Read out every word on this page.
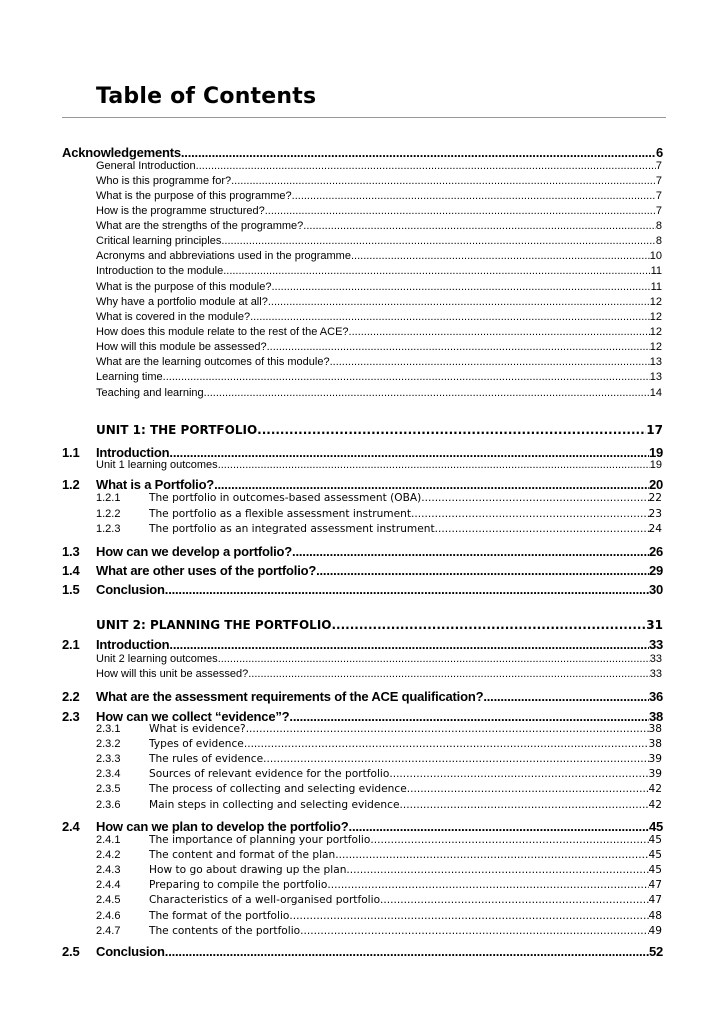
Table of Contents
Acknowledgements .....	6
General Introduction .....	7
Who is this programme for? .....	7
What is the purpose of this programme? .....	7
How is the programme structured? .....	7
What are the strengths of the programme? .....	8
Critical learning principles .....	8
Acronyms and abbreviations used in the programme .....	10
Introduction to the module .....	11
What is the purpose of this module? .....	11
Why have a portfolio module at all? .....	12
What is covered in the module? .....	12
How does this module relate to the rest of the ACE? .....	12
How will this module be assessed? .....	12
What are the learning outcomes of this module? .....	13
Learning time .....	13
Teaching and learning .....	14
UNIT 1: THE PORTFOLIO .....	17
1.1	Introduction .....	19
Unit 1 learning outcomes .....	19
1.2	What is a Portfolio? .....	20
1.2.1	The portfolio in outcomes-based assessment (OBA) .....	22
1.2.2	The portfolio as a flexible assessment instrument .....	23
1.2.3	The portfolio as an integrated assessment instrument .....	24
1.3	How can we develop a portfolio? .....	26
1.4	What are other uses of the portfolio? .....	29
1.5	Conclusion .....	30
UNIT 2: PLANNING THE PORTFOLIO .....	31
2.1	Introduction .....	33
Unit 2 learning outcomes .....	33
How will this unit be assessed? .....	33
2.2	What are the assessment requirements of the ACE qualification? .....	36
2.3	How can we collect “evidence”? .....	38
2.3.1	What is evidence? .....	38
2.3.2	Types of evidence .....	38
2.3.3	The rules of evidence .....	39
2.3.4	Sources of relevant evidence for the portfolio .....	39
2.3.5	The process of collecting and selecting evidence .....	42
2.3.6	Main steps in collecting and selecting evidence .....	42
2.4	How can we plan to develop the portfolio? .....	45
2.4.1	The importance of planning your portfolio .....	45
2.4.2	The content and format of the plan .....	45
2.4.3	How to go about drawing up the plan .....	45
2.4.4	Preparing to compile the portfolio .....	47
2.4.5	Characteristics of a well-organised portfolio .....	47
2.4.6	The format of the portfolio .....	48
2.4.7	The contents of the portfolio .....	49
2.5	Conclusion .....	52
